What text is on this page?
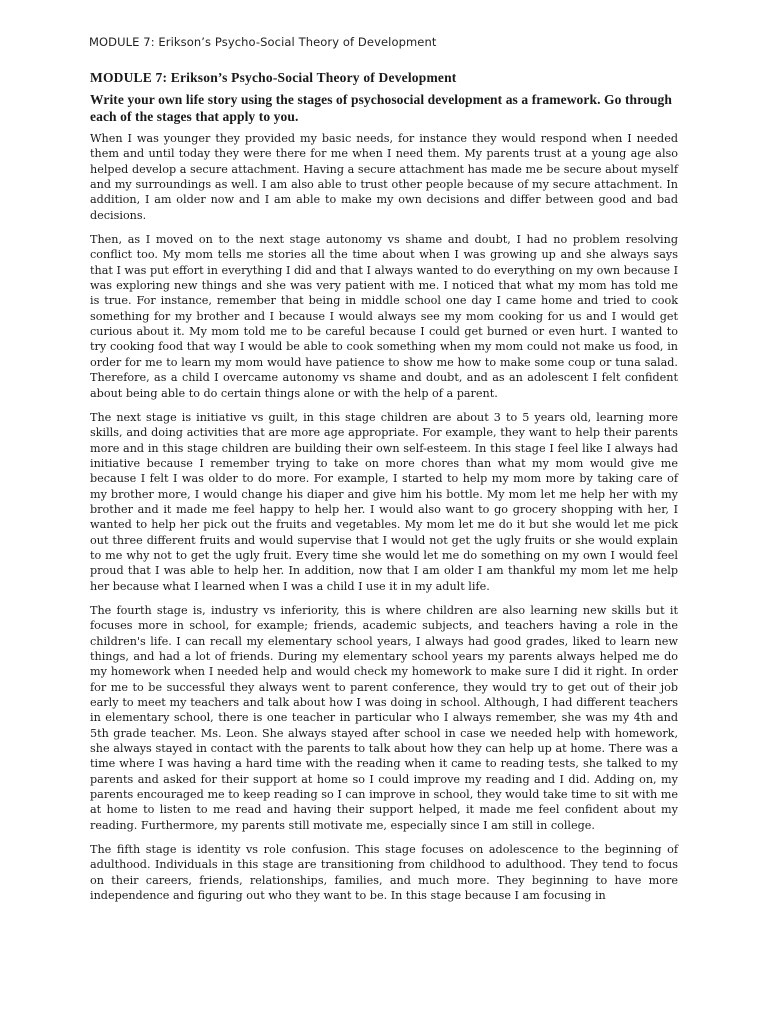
MODULE 7: Erikson’s Psycho-Social Theory of Development
MODULE 7: Erikson’s Psycho-Social Theory of Development
Write your own life story using the stages of psychosocial development as a framework. Go through each of the stages that apply to you.

When I was younger they provided my basic needs, for instance they would respond when I needed them and until today they were there for me when I need them. My parents trust at a young age also helped develop a secure attachment. Having a secure attachment has made me be secure about myself and my surroundings as well. I am also able to trust other people because of my secure attachment. In addition, I am older now and I am able to make my own decisions and differ between good and bad decisions.

Then, as I moved on to the next stage autonomy vs shame and doubt, I had no problem resolving conflict too. My mom tells me stories all the time about when I was growing up and she always says that I was put effort in everything I did and that I always wanted to do everything on my own because I was exploring new things and she was very patient with me. I noticed that what my mom has told me is true. For instance, remember that being in middle school one day I came home and tried to cook something for my brother and I because I would always see my mom cooking for us and I would get curious about it. My mom told me to be careful because I could get burned or even hurt. I wanted to try cooking food that way I would be able to cook something when my mom could not make us food, in order for me to learn my mom would have patience to show me how to make some coup or tuna salad. Therefore, as a child I overcame autonomy vs shame and doubt, and as an adolescent I felt confident about being able to do certain things alone or with the help of a parent.

The next stage is initiative vs guilt, in this stage children are about 3 to 5 years old, learning more skills, and doing activities that are more age appropriate. For example, they want to help their parents more and in this stage children are building their own self-esteem. In this stage I feel like I always had initiative because I remember trying to take on more chores than what my mom would give me because I felt I was older to do more. For example, I started to help my mom more by taking care of my brother more, I would change his diaper and give him his bottle. My mom let me help her with my brother and it made me feel happy to help her. I would also want to go grocery shopping with her, I wanted to help her pick out the fruits and vegetables. My mom let me do it but she would let me pick out three different fruits and would supervise that I would not get the ugly fruits or she would explain to me why not to get the ugly fruit. Every time she would let me do something on my own I would feel proud that I was able to help her. In addition, now that I am older I am thankful my mom let me help her because what I learned when I was a child I use it in my adult life.

The fourth stage is, industry vs inferiority, this is where children are also learning new skills but it focuses more in school, for example; friends, academic subjects, and teachers having a role in the children's life. I can recall my elementary school years, I always had good grades, liked to learn new things, and had a lot of friends. During my elementary school years my parents always helped me do my homework when I needed help and would check my homework to make sure I did it right. In order for me to be successful they always went to parent conference, they would try to get out of their job early to meet my teachers and talk about how I was doing in school. Although, I had different teachers in elementary school, there is one teacher in particular who I always remember, she was my 4th and 5th grade teacher. Ms. Leon. She always stayed after school in case we needed help with homework, she always stayed in contact with the parents to talk about how they can help up at home. There was a time where I was having a hard time with the reading when it came to reading tests, she talked to my parents and asked for their support at home so I could improve my reading and I did. Adding on, my parents encouraged me to keep reading so I can improve in school, they would take time to sit with me at home to listen to me read and having their support helped, it made me feel confident about my reading. Furthermore, my parents still motivate me, especially since I am still in college.

The fifth stage is identity vs role confusion. This stage focuses on adolescence to the beginning of adulthood. Individuals in this stage are transitioning from childhood to adulthood. They tend to focus on their careers, friends, relationships, families, and much more. They beginning to have more independence and figuring out who they want to be. In this stage because I am focusing in
